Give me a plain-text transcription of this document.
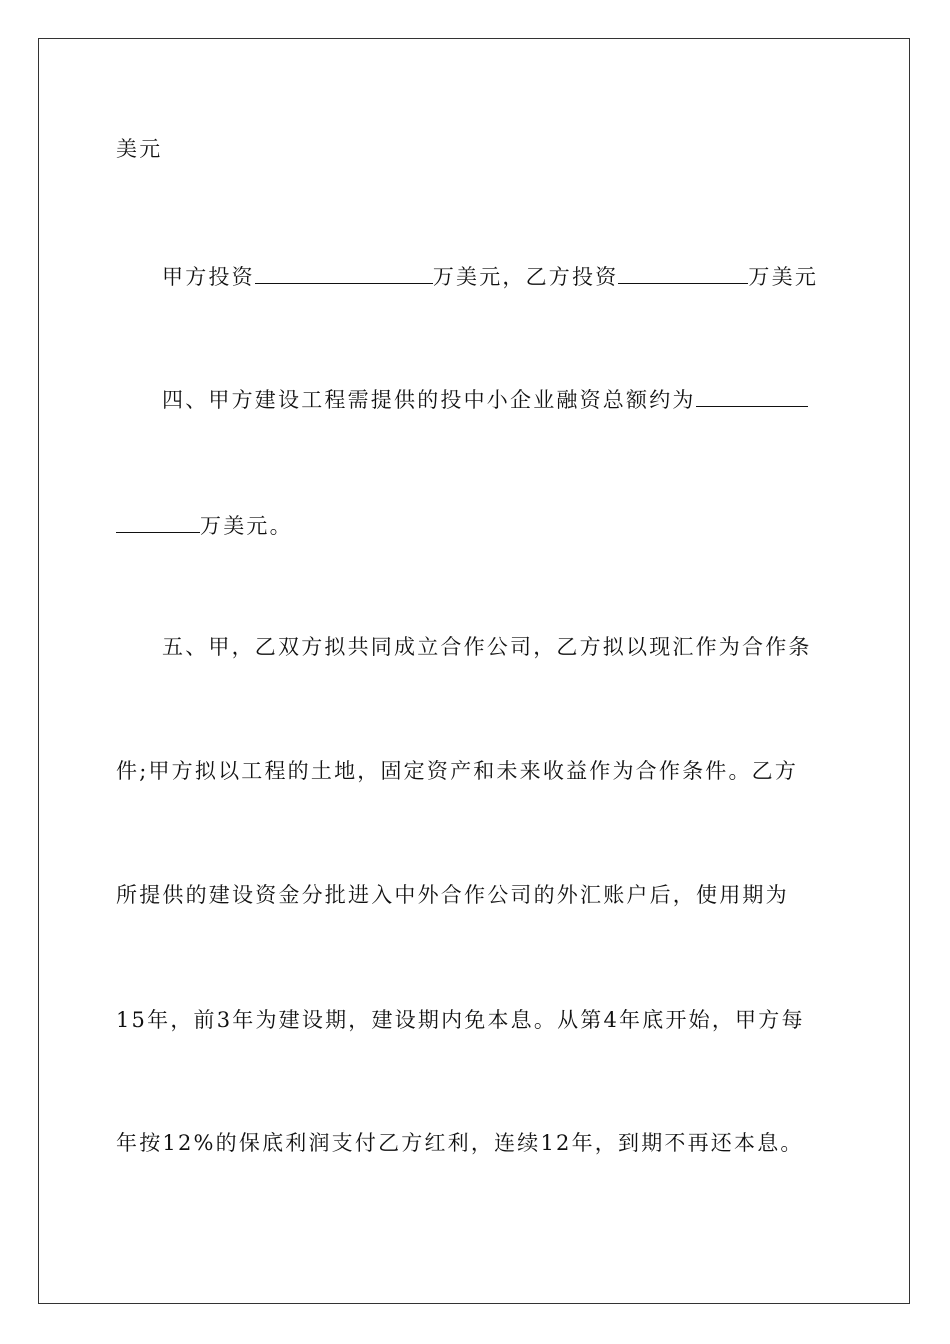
美元
甲方投资	万美元，乙方投资	万美元
四、甲方建设工程需提供的投中小企业融资总额约为
万美元。
五、甲，乙双方拟共同成立合作公司，乙方拟以现汇作为合作条
件;甲方拟以工程的土地，固定资产和未来收益作为合作条件。乙方
所提供的建设资金分批进入中外合作公司的外汇账户后，使用期为
15年，前3年为建设期，建设期内免本息。从第4年底开始，甲方每
年按12%的保底利润支付乙方红利，连续12年，到期不再还本息。
